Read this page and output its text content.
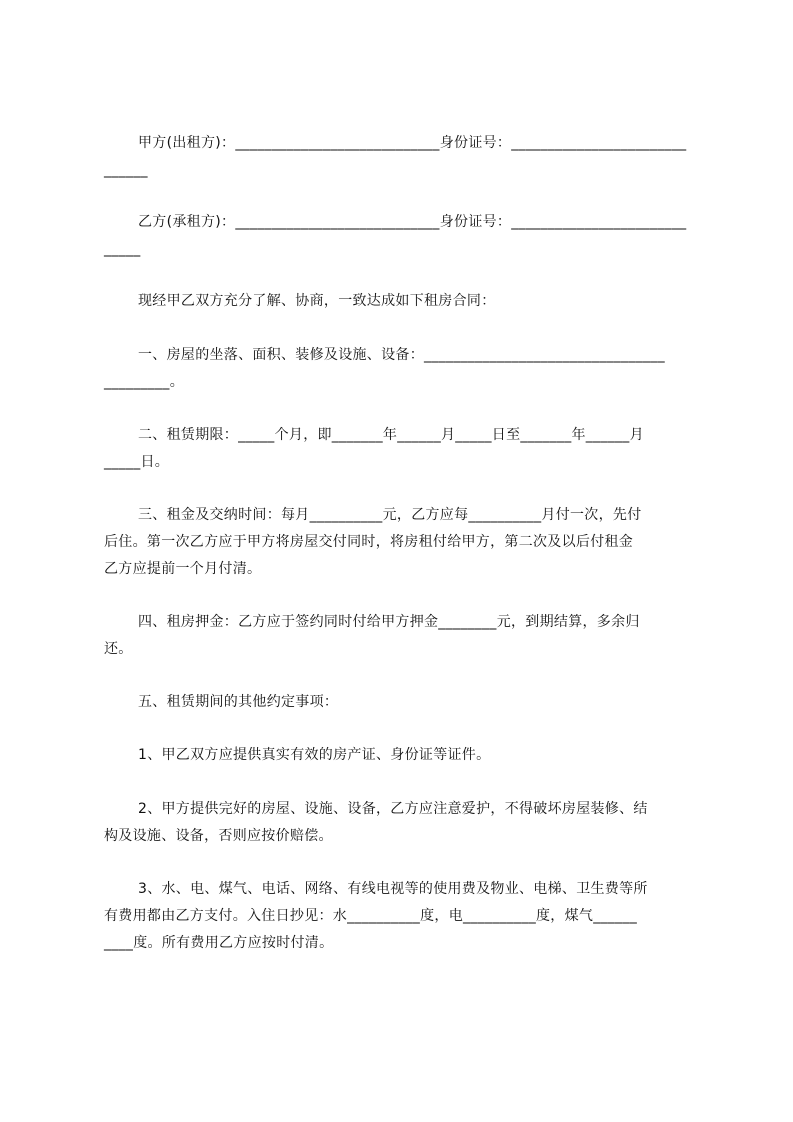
甲方(出租方)：____________________________身份证号：________________________
______
乙方(承租方)：____________________________身份证号：________________________
_____
现经甲乙双方充分了解、协商，一致达成如下租房合同：
一、房屋的坐落、面积、装修及设施、设备：_________________________________
_________。
二、租赁期限：_____个月，即_______年______月_____日至_______年______月
_____日。
三、租金及交纳时间：每月__________元，乙方应每__________月付一次，先付
后住。第一次乙方应于甲方将房屋交付同时，将房租付给甲方，第二次及以后付租金
乙方应提前一个月付清。
四、租房押金：乙方应于签约同时付给甲方押金________元，到期结算，多余归
还。
五、租赁期间的其他约定事项：
1、甲乙双方应提供真实有效的房产证、身份证等证件。
2、甲方提供完好的房屋、设施、设备，乙方应注意爱护，不得破坏房屋装修、结
构及设施、设备，否则应按价赔偿。
3、水、电、煤气、电话、网络、有线电视等的使用费及物业、电梯、卫生费等所
有费用都由乙方支付。入住日抄见：水__________度，电__________度，煤气______
____度。所有费用乙方应按时付清。
